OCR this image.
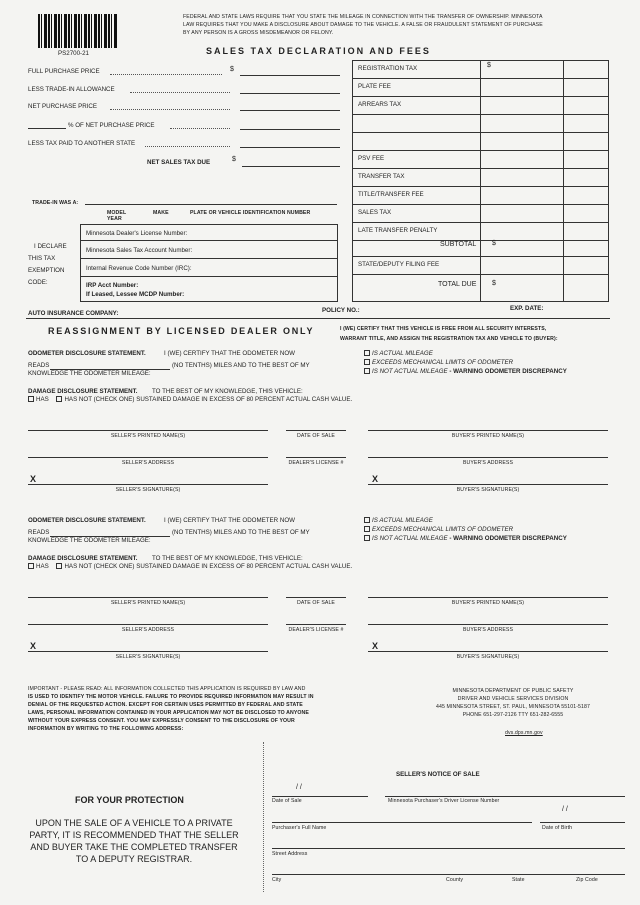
PS2700-21
FEDERAL AND STATE LAWS REQUIRE THAT YOU STATE THE MILEAGE IN CONNECTION WITH THE TRANSFER OF OWNERSHIP. MINNESOTA
LAW REQUIRES THAT YOU MAKE A DISCLOSURE ABOUT DAMAGE TO THE VEHICLE. A FALSE OR FRAUDULENT STATEMENT OF PURCHASE
BY ANY PERSON IS A GROSS MISDEMEANOR OR FELONY.
SALES TAX DECLARATION AND FEES
FULL PURCHASE PRICE	$
LESS TRADE-IN ALLOWANCE
NET PURCHASE PRICE
% OF NET PURCHASE PRICE
LESS TAX PAID TO ANOTHER STATE
NET SALES TAX DUE	$
$
REGISTRATION TAX
PLATE FEE
ARREARS TAX
PSV FEE
TRANSFER TAX
TITLE/TRANSFER FEE
SALES TAX
LATE TRANSFER PENALTY
SUBTOTAL $
STATE/DEPUTY FILING FEE
TOTAL DUE $
TRADE-IN WAS A:
MODEL YEAR
MAKE	PLATE OR VEHICLE IDENTIFICATION NUMBER
I DECLARE
THIS TAX
EXEMPTION
CODE:
Minnesota Dealer's License Number:
Minnesota Sales Tax Account Number:
Internal Revenue Code Number (IRC):
IRP Acct Number:
If Leased, Lessee MCDP Number:
AUTO INSURANCE COMPANY:	POLICY NO.:	EXP. DATE:
REASSIGNMENT BY LICENSED DEALER ONLY	I (WE) CERTIFY THAT THIS VEHICLE IS FREE FROM ALL SECURITY INTERESTS,
WARRANT TITLE, AND ASSIGN THE REGISTRATION TAX AND VEHICLE TO (BUYER):
ODOMETER DISCLOSURE STATEMENT.	I (WE) CERTIFY THAT THE ODOMETER NOW
READS	(NO TENTHS) MILES AND TO THE BEST OF MY
KNOWLEDGE THE ODOMETER MILEAGE:
IS ACTUAL MILEAGE
EXCEEDS MECHANICAL LIMITS OF ODOMETER
IS NOT ACTUAL MILEAGE - WARNING ODOMETER DISCREPANCY
DAMAGE DISCLOSURE STATEMENT. TO THE BEST OF MY KNOWLEDGE, THIS VEHICLE:
HAS	HAS NOT (CHECK ONE) SUSTAINED DAMAGE IN EXCESS OF 80 PERCENT ACTUAL CASH VALUE.
SELLER'S PRINTED NAME(S)	DATE OF SALE	BUYER'S PRINTED NAME(S)
SELLER'S ADDRESS	DEALER'S LICENSE #	BUYER'S ADDRESS
SELLER'S SIGNATURE(S)	BUYER'S SIGNATURE(S)
X	X
ODOMETER DISCLOSURE STATEMENT.	I (WE) CERTIFY THAT THE ODOMETER NOW
READS	(NO TENTHS) MILES AND TO THE BEST OF MY
KNOWLEDGE THE ODOMETER MILEAGE:
IS ACTUAL MILEAGE
EXCEEDS MECHANICAL LIMITS OF ODOMETER
IS NOT ACTUAL MILEAGE - WARNING ODOMETER DISCREPANCY
DAMAGE DISCLOSURE STATEMENT. TO THE BEST OF MY KNOWLEDGE, THIS VEHICLE:
HAS	HAS NOT (CHECK ONE) SUSTAINED DAMAGE IN EXCESS OF 80 PERCENT ACTUAL CASH VALUE.
SELLER'S PRINTED NAME(S)	DATE OF SALE	BUYER'S PRINTED NAME(S)
SELLER'S ADDRESS	DEALER'S LICENSE #	BUYER'S ADDRESS
SELLER'S SIGNATURE(S)	BUYER'S SIGNATURE(S)
X	X
IMPORTANT - PLEASE READ: ALL INFORMATION COLLECTED THIS APPLICATION IS REQUIRED BY LAW AND
IS USED TO IDENTIFY THE MOTOR VEHICLE. FAILURE TO PROVIDE REQUIRED INFORMATION MAY RESULT IN
DENIAL OF THE REQUESTED ACTION. EXCEPT FOR CERTAIN USES PERMITTED BY FEDERAL AND STATE
LAWS, PERSONAL INFORMATION CONTAINED IN YOUR APPLICATION MAY NOT BE DISCLOSED TO ANYONE
WITHOUT YOUR EXPRESS CONSENT. YOU MAY EXPRESSLY CONSENT TO THE DISCLOSURE OF YOUR
INFORMATION BY WRITING TO THE FOLLOWING ADDRESS:
MINNESOTA DEPARTMENT OF PUBLIC SAFETY
DRIVER AND VEHICLE SERVICES DIVISION
445 MINNESOTA STREET, ST. PAUL, MINNESOTA 55101-5187
PHONE 651-297-2126 TTY 651-282-6555
dvs.dps.mn.gov
FOR YOUR PROTECTION
UPON THE SALE OF A VEHICLE TO A PRIVATE
PARTY, IT IS RECOMMENDED THAT THE SELLER
AND BUYER TAKE THE COMPLETED TRANSFER
TO A DEPUTY REGISTRAR.
SELLER'S NOTICE OF SALE
/ /
Date of Sale	Minnesota Purchaser's Driver License Number
/ /
Purchaser's Full Name	Date of Birth
Street Address
City	County	State	Zip Code
